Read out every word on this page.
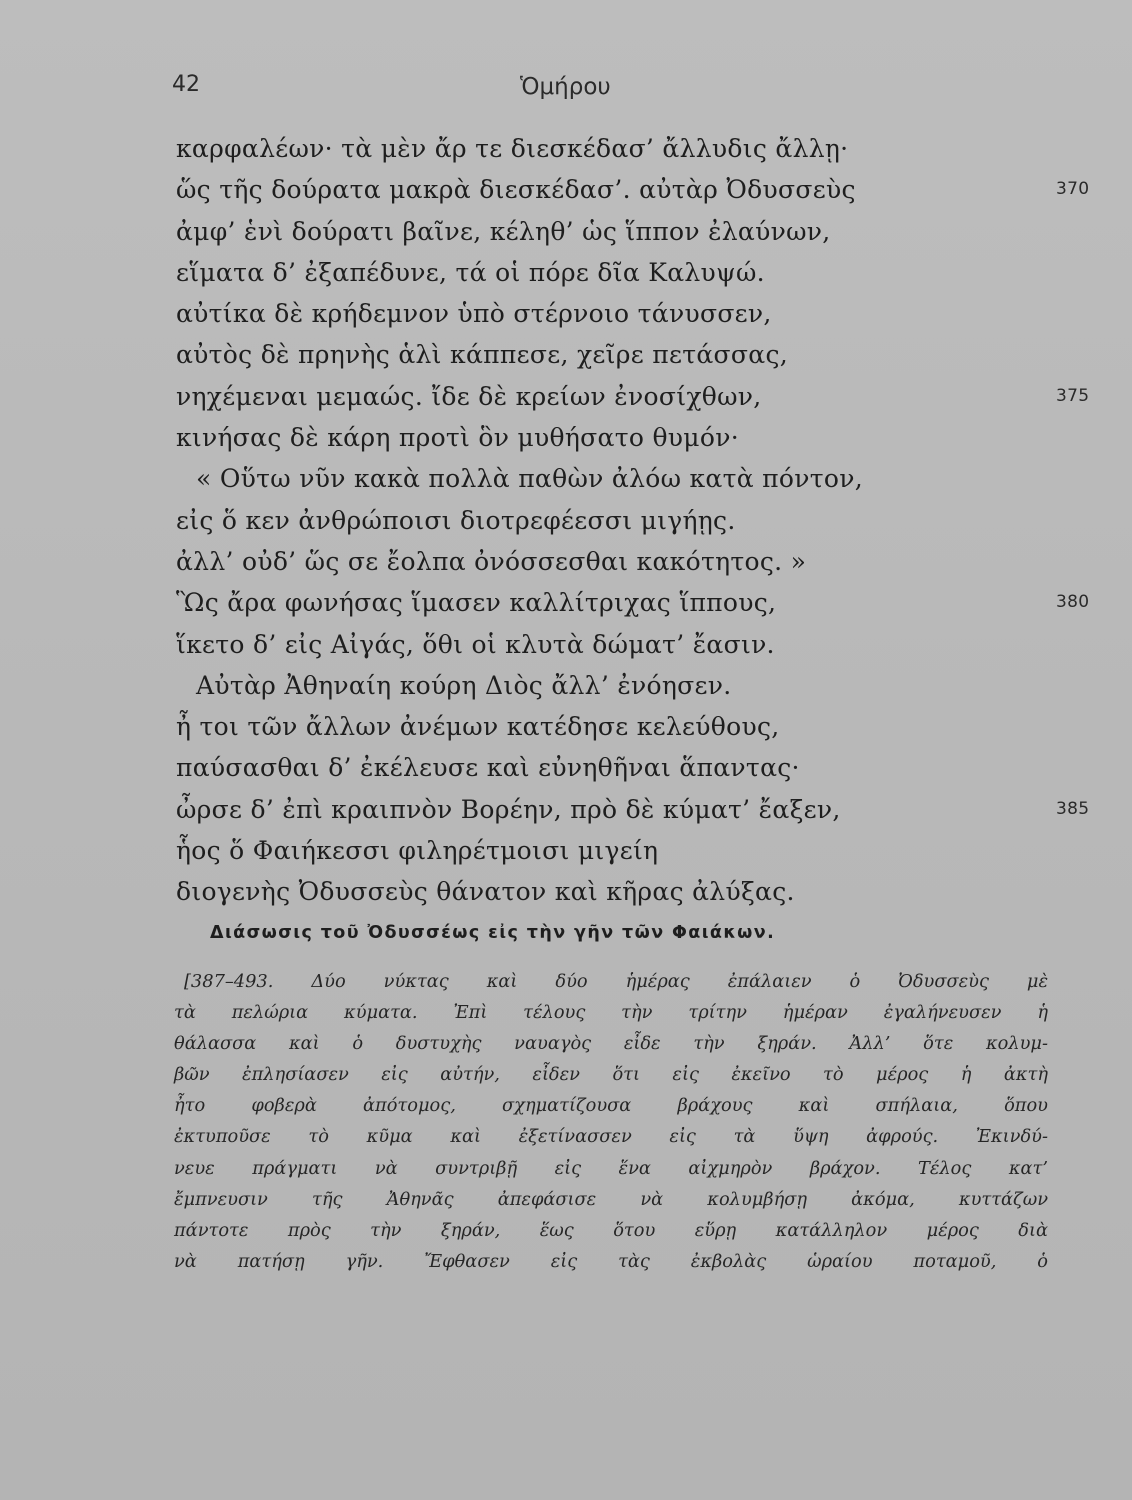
42	Ὁμήρου
καρφαλέων· τὰ μὲν ἄρ τε διεσκέδασ’ ἄλλυδις ἄλλῃ·
ὥς τῆς δούρατα μακρὰ διεσκέδασ’. αὐτὰρ Ὀδυσσεὺς	370
ἀμφ’ ἑνὶ δούρατι βαῖνε, κέληθ’ ὡς ἵππον ἐλαύνων,
εἵματα δ’ ἐξαπέδυνε, τά οἱ πόρε δῖα Καλυψώ.
αὐτίκα δὲ κρήδεμνον ὑπὸ στέρνοιο τάνυσσεν,
αὐτὸς δὲ πρηνὴς ἁλὶ κάππεσε, χεῖρε πετάσσας,
νηχέμεναι μεμαώς. ἴδε δὲ κρείων ἐνοσίχθων,	375
κινήσας δὲ κάρη προτὶ ὃν μυθήσατο θυμόν·
« Οὕτω νῦν κακὰ πολλὰ παθὼν ἀλόω κατὰ πόντον,
εἰς ὅ κεν ἀνθρώποισι διοτρεφέεσσι μιγήῃς.
ἀλλ’ οὐδ’ ὥς σε ἔολπα ὀνόσσεσθαι κακότητος. »
Ὣς ἄρα φωνήσας ἵμασεν καλλίτριχας ἵππους,	380
ἵκετο δ’ εἰς Αἰγάς, ὅθι οἱ κλυτὰ δώματ’ ἔασιν.
Αὐτὰρ Ἀθηναίη κούρη Διὸς ἄλλ’ ἐνόησεν.
ἦ τοι τῶν ἄλλων ἀνέμων κατέδησε κελεύθους,
παύσασθαι δ’ ἐκέλευσε καὶ εὐνηθῆναι ἅπαντας·
ὦρσε δ’ ἐπὶ κραιπνὸν Βορέην, πρὸ δὲ κύματ’ ἔαξεν,	385
ἧος ὅ Φαιήκεσσι φιληρέτμοισι μιγείη
διογενὴς Ὀδυσσεὺς θάνατον καὶ κῆρας ἀλύξας.
Διάσωσις τοῦ Ὀδυσσέως εἰς τὴν γῆν τῶν Φαιάκων.
[387–493. Δύο νύκτας καὶ δύο ἡμέρας ἐπάλαιεν ὁ Ὀδυσσεὺς μὲ
τὰ πελώρια κύματα. Ἐπὶ τέλους τὴν τρίτην ἡμέραν ἐγαλήνευσεν ἡ
θάλασσα καὶ ὁ δυστυχὴς ναυαγὸς εἶδε τὴν ξηράν. Ἀλλ’ ὅτε κολυμ-
βῶν ἐπλησίασεν εἰς αὐτήν, εἶδεν ὅτι εἰς ἐκεῖνο τὸ μέρος ἡ ἀκτὴ
ἦτο φοβερὰ ἀπότομος, σχηματίζουσα βράχους καὶ σπήλαια, ὅπου
ἐκτυποῦσε τὸ κῦμα καὶ ἐξετίνασσεν εἰς τὰ ὕψη ἀφρούς. Ἐκινδύ-
νευε πράγματι νὰ συντριβῇ εἰς ἕνα αἰχμηρὸν βράχον. Τέλος κατ’
ἔμπνευσιν τῆς Ἀθηνᾶς ἀπεφάσισε νὰ κολυμβήσῃ ἀκόμα, κυττάζων
πάντοτε πρὸς τὴν ξηράν, ἕως ὅτου εὕρῃ κατάλληλον μέρος διὰ
νὰ πατήσῃ γῆν. Ἔφθασεν εἰς τὰς ἐκβολὰς ὡραίου ποταμοῦ, ὁ
